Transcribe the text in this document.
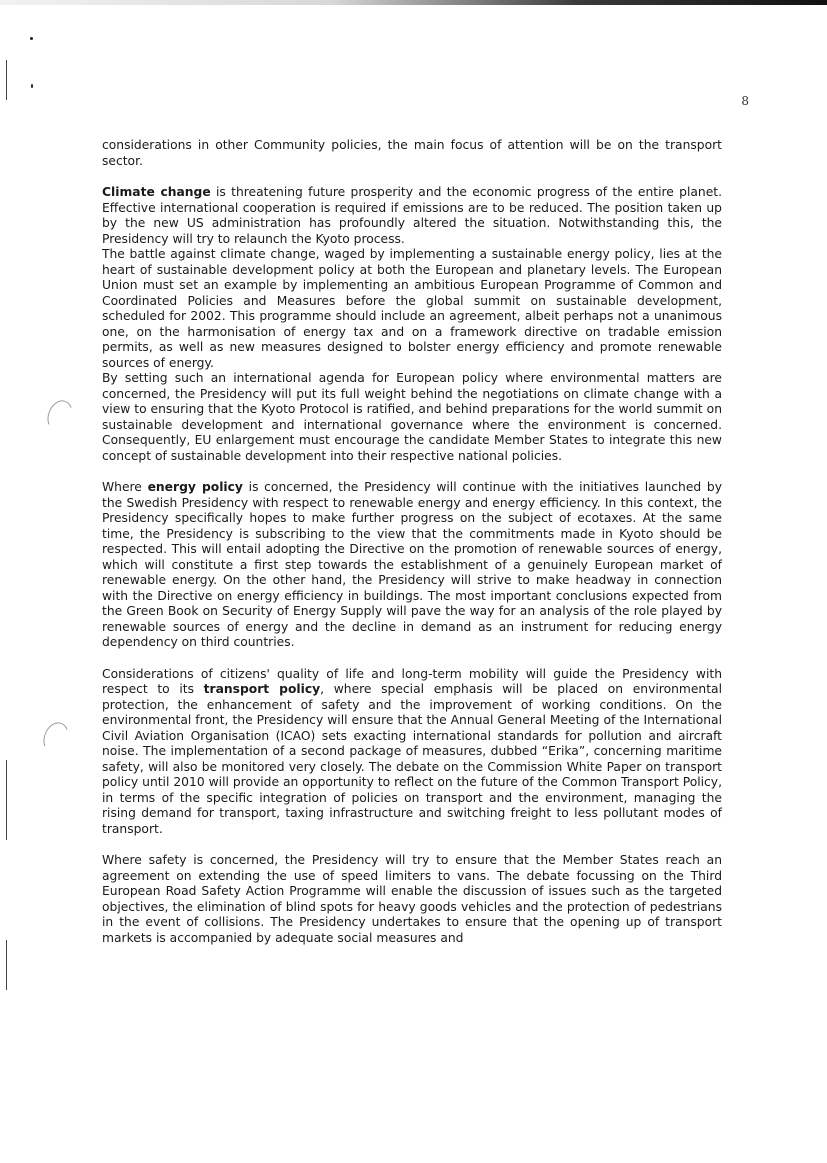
8

considerations in other Community policies, the main focus of attention will be on the transport sector.

Climate change is threatening future prosperity and the economic progress of the entire planet. Effective international cooperation is required if emissions are to be reduced. The position taken up by the new US administration has profoundly altered the situation. Notwithstanding this, the Presidency will try to relaunch the Kyoto process.

The battle against climate change, waged by implementing a sustainable energy policy, lies at the heart of sustainable development policy at both the European and planetary levels. The European Union must set an example by implementing an ambitious European Programme of Common and Coordinated Policies and Measures before the global summit on sustainable development, scheduled for 2002. This programme should include an agreement, albeit perhaps not a unanimous one, on the harmonisation of energy tax and on a framework directive on tradable emission permits, as well as new measures designed to bolster energy efficiency and promote renewable sources of energy.

By setting such an international agenda for European policy where environmental matters are concerned, the Presidency will put its full weight behind the negotiations on climate change with a view to ensuring that the Kyoto Protocol is ratified, and behind preparations for the world summit on sustainable development and international governance where the environment is concerned. Consequently, EU enlargement must encourage the candidate Member States to integrate this new concept of sustainable development into their respective national policies.

Where energy policy is concerned, the Presidency will continue with the initiatives launched by the Swedish Presidency with respect to renewable energy and energy efficiency. In this context, the Presidency specifically hopes to make further progress on the subject of ecotaxes. At the same time, the Presidency is subscribing to the view that the commitments made in Kyoto should be respected. This will entail adopting the Directive on the promotion of renewable sources of energy, which will constitute a first step towards the establishment of a genuinely European market of renewable energy. On the other hand, the Presidency will strive to make headway in connection with the Directive on energy efficiency in buildings. The most important conclusions expected from the Green Book on Security of Energy Supply will pave the way for an analysis of the role played by renewable sources of energy and the decline in demand as an instrument for reducing energy dependency on third countries.

Considerations of citizens' quality of life and long-term mobility will guide the Presidency with respect to its transport policy, where special emphasis will be placed on environmental protection, the enhancement of safety and the improvement of working conditions. On the environmental front, the Presidency will ensure that the Annual General Meeting of the International Civil Aviation Organisation (ICAO) sets exacting international standards for pollution and aircraft noise. The implementation of a second package of measures, dubbed “Erika”, concerning maritime safety, will also be monitored very closely. The debate on the Commission White Paper on transport policy until 2010 will provide an opportunity to reflect on the future of the Common Transport Policy, in terms of the specific integration of policies on transport and the environment, managing the rising demand for transport, taxing infrastructure and switching freight to less pollutant modes of transport.

Where safety is concerned, the Presidency will try to ensure that the Member States reach an agreement on extending the use of speed limiters to vans. The debate focussing on the Third European Road Safety Action Programme will enable the discussion of issues such as the targeted objectives, the elimination of blind spots for heavy goods vehicles and the protection of pedestrians in the event of collisions. The Presidency undertakes to ensure that the opening up of transport markets is accompanied by adequate social measures and
